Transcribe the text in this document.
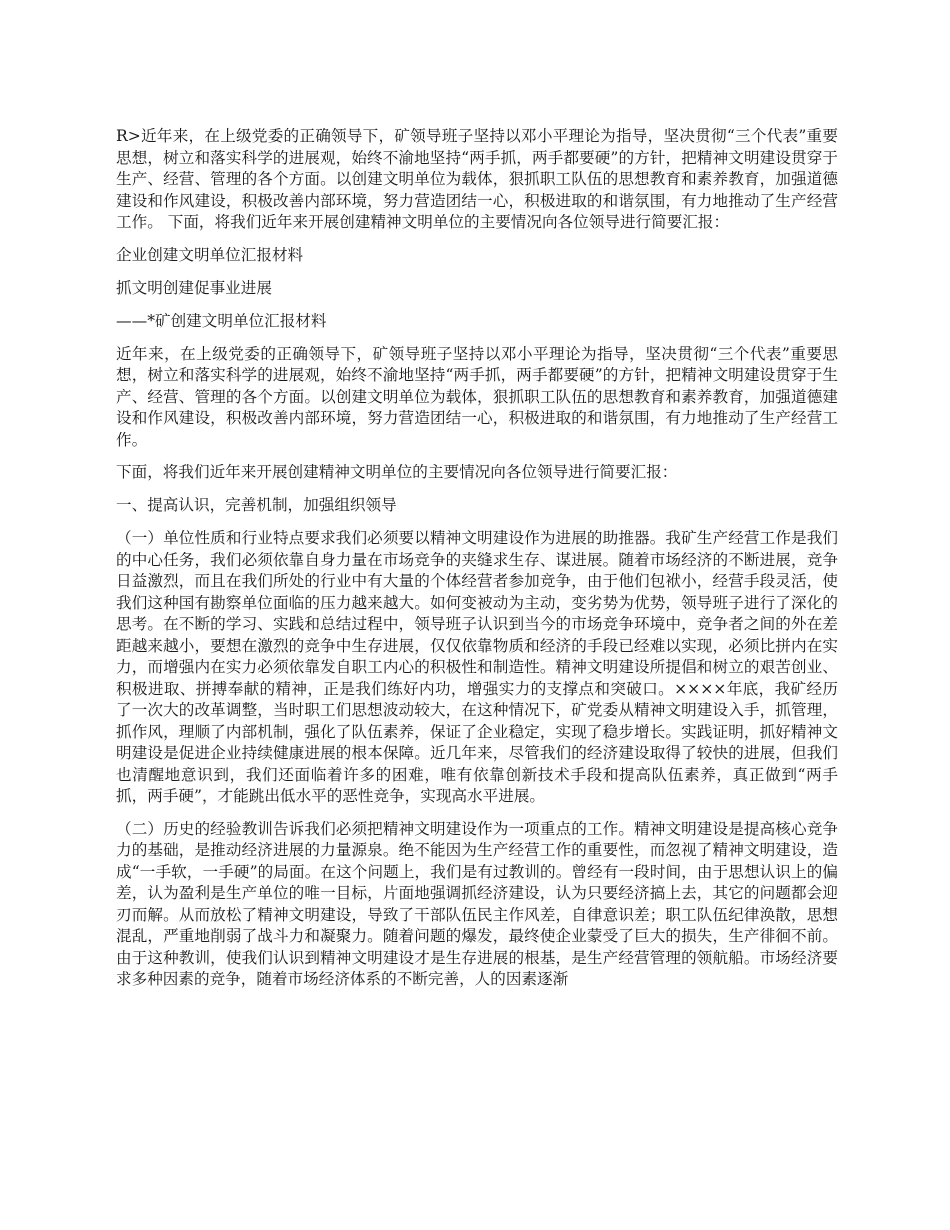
R>近年来，在上级党委的正确领导下，矿领导班子坚持以邓小平理论为指导，坚决贯彻“三个代表”重要思想，树立和落实科学的进展观，始终不渝地坚持“两手抓，两手都要硬”的方针，把精神文明建设贯穿于生产、经营、管理的各个方面。以创建文明单位为载体，狠抓职工队伍的思想教育和素养教育，加强道德建设和作风建设，积极改善内部环境，努力营造团结一心，积极进取的和谐氛围，有力地推动了生产经营工作。 下面，将我们近年来开展创建精神文明单位的主要情况向各位领导进行简要汇报：

企业创建文明单位汇报材料

抓文明创建促事业进展

——*矿创建文明单位汇报材料

近年来，在上级党委的正确领导下，矿领导班子坚持以邓小平理论为指导，坚决贯彻“三个代表”重要思想，树立和落实科学的进展观，始终不渝地坚持“两手抓，两手都要硬”的方针，把精神文明建设贯穿于生产、经营、管理的各个方面。以创建文明单位为载体，狠抓职工队伍的思想教育和素养教育，加强道德建设和作风建设，积极改善内部环境，努力营造团结一心，积极进取的和谐氛围，有力地推动了生产经营工作。

下面，将我们近年来开展创建精神文明单位的主要情况向各位领导进行简要汇报：

一、提高认识，完善机制，加强组织领导

（一）单位性质和行业特点要求我们必须要以精神文明建设作为进展的助推器。我矿生产经营工作是我们的中心任务，我们必须依靠自身力量在市场竞争的夹缝求生存、谋进展。随着市场经济的不断进展，竞争日益激烈，而且在我们所处的行业中有大量的个体经营者参加竞争，由于他们包袱小，经营手段灵活，使我们这种国有勘察单位面临的压力越来越大。如何变被动为主动，变劣势为优势，领导班子进行了深化的思考。在不断的学习、实践和总结过程中，领导班子认识到当今的市场竞争环境中，竞争者之间的外在差距越来越小，要想在激烈的竞争中生存进展，仅仅依靠物质和经济的手段已经难以实现，必须比拼内在实力，而增强内在实力必须依靠发自职工内心的积极性和制造性。精神文明建设所提倡和树立的艰苦创业、积极进取、拼搏奉献的精神，正是我们练好内功，增强实力的支撑点和突破口。××××年底，我矿经历了一次大的改革调整，当时职工们思想波动较大，在这种情况下，矿党委从精神文明建设入手，抓管理，抓作风，理顺了内部机制，强化了队伍素养，保证了企业稳定，实现了稳步增长。实践证明，抓好精神文明建设是促进企业持续健康进展的根本保障。近几年来，尽管我们的经济建设取得了较快的进展，但我们也清醒地意识到，我们还面临着许多的困难，唯有依靠创新技术手段和提高队伍素养，真正做到“两手抓，两手硬”，才能跳出低水平的恶性竞争，实现高水平进展。

（二）历史的经验教训告诉我们必须把精神文明建设作为一项重点的工作。精神文明建设是提高核心竞争力的基础，是推动经济进展的力量源泉。绝不能因为生产经营工作的重要性，而忽视了精神文明建设，造成“一手软，一手硬”的局面。在这个问题上，我们是有过教训的。曾经有一段时间，由于思想认识上的偏差，认为盈利是生产单位的唯一目标，片面地强调抓经济建设，认为只要经济搞上去，其它的问题都会迎刃而解。从而放松了精神文明建设，导致了干部队伍民主作风差，自律意识差；职工队伍纪律涣散，思想混乱，严重地削弱了战斗力和凝聚力。随着问题的爆发，最终使企业蒙受了巨大的损失，生产徘徊不前。由于这种教训，使我们认识到精神文明建设才是生存进展的根基，是生产经营管理的领航船。市场经济要求多种因素的竞争，随着市场经济体系的不断完善，人的因素逐渐
